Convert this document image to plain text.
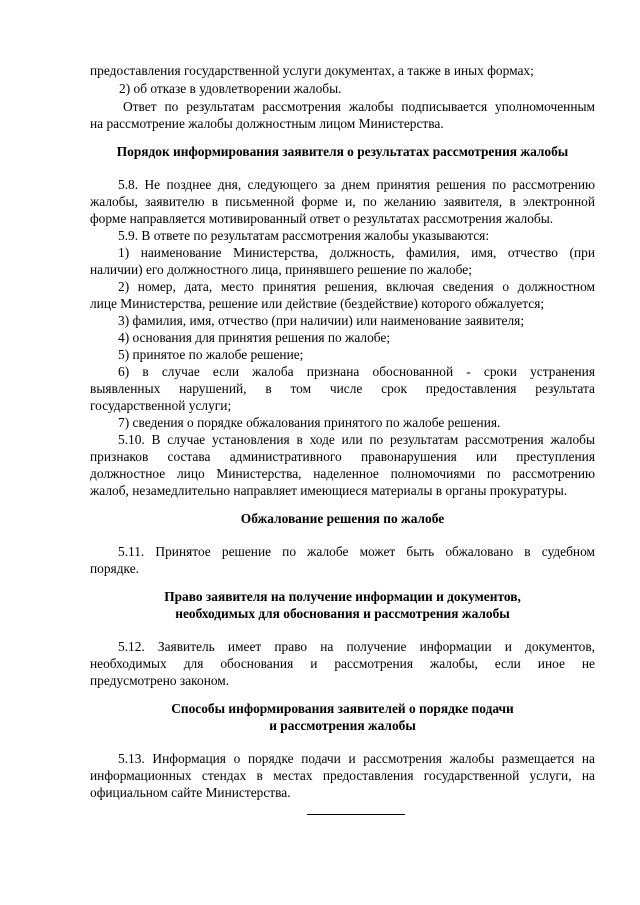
предоставления государственной услуги документах, а также в иных формах;
2) об отказе в удовлетворении жалобы.
Ответ по результатам рассмотрения жалобы подписывается уполномоченным
на рассмотрение жалобы должностным лицом Министерства.
Порядок информирования заявителя о результатах рассмотрения жалобы
5.8. Не позднее дня, следующего за днем принятия решения по рассмотрению
жалобы, заявителю в письменной форме и, по желанию заявителя, в электронной
форме направляется мотивированный ответ о результатах рассмотрения жалобы.
5.9. В ответе по результатам рассмотрения жалобы указываются:
1) наименование Министерства, должность, фамилия, имя, отчество (при
наличии) его должностного лица, принявшего решение по жалобе;
2) номер, дата, место принятия решения, включая сведения о должностном
лице Министерства, решение или действие (бездействие) которого обжалуется;
3) фамилия, имя, отчество (при наличии) или наименование заявителя;
4) основания для принятия решения по жалобе;
5) принятое по жалобе решение;
6) в случае если жалоба признана обоснованной - сроки устранения
выявленных нарушений, в том числе срок предоставления результата
государственной услуги;
7) сведения о порядке обжалования принятого по жалобе решения.
5.10. В случае установления в ходе или по результатам рассмотрения жалобы
признаков состава административного правонарушения или преступления
должностное лицо Министерства, наделенное полномочиями по рассмотрению
жалоб, незамедлительно направляет имеющиеся материалы в органы прокуратуры.
Обжалование решения по жалобе
5.11. Принятое решение по жалобе может быть обжаловано в судебном
порядке.
Право заявителя на получение информации и документов,
необходимых для обоснования и рассмотрения жалобы
5.12. Заявитель имеет право на получение информации и документов,
необходимых для обоснования и рассмотрения жалобы, если иное не
предусмотрено законом.
Способы информирования заявителей о порядке подачи
и рассмотрения жалобы
5.13. Информация о порядке подачи и рассмотрения жалобы размещается на
информационных стендах в местах предоставления государственной услуги, на
официальном сайте Министерства.
